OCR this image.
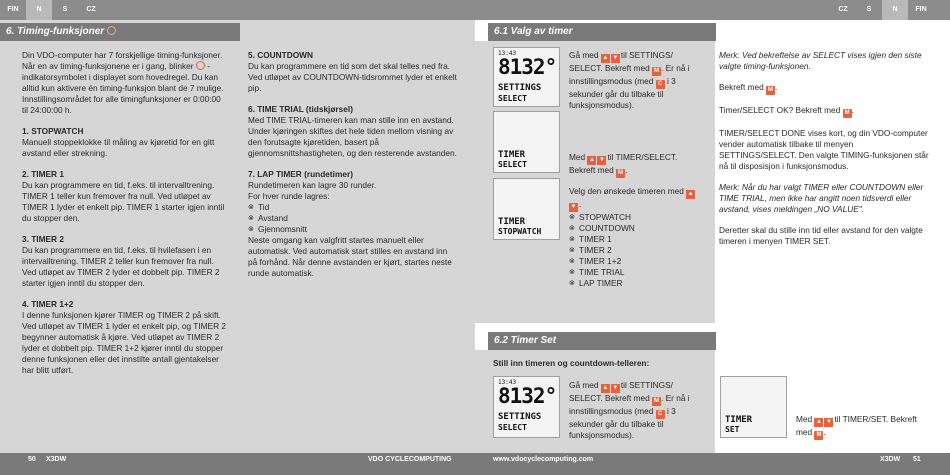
FIN	N	S	CZ
6. Timing-funksjoner

Din VDO-computer har 7 forskjellige timing-funksjoner. Når en av timing-funksjonene er i gang, blinker -indikatorsymbolet i displayet som hovedregel. Du kan alltid kun aktivere én timing-funksjon blant de 7 mulige. Innstillingsområdet for alle timingfunksjoner er 0:00:00 til 24:00:00 h.

1. STOPWATCH

Manuell stoppeklokke til måling av kjøretid for en gitt avstand eller strekning.

2. TIMER 1

Du kan programmere en tid, f.eks. til intervalltrening. TIMER 1 teller kun fremover fra null. Ved utløpet av TIMER 1 lyder et enkelt pip. TIMER 1 starter igjen inntil du stopper den.

3. TIMER 2

Du kan programmere en tid, f.eks. til hvilefasen i en intervalltrening. TIMER 2 teller kun fremover fra null. Ved utløpet av TIMER 2 lyder et dobbelt pip. TIMER 2 starter igjen inntil du stopper den.

4. TIMER 1+2

I denne funksjonen kjører TIMER og TIMER 2 på skift. Ved utløpet av TIMER 1 lyder et enkelt pip, og TIMER 2 begynner automatisk å kjøre. Ved utløpet av TIMER 2 lyder et dobbelt pip. TIMER 1+2 kjører inntil du stopper denne funksjonen eller det innstilte antall gjentakelser har blitt utført.

5. COUNTDOWN

Du kan programmere en tid som det skal telles ned fra. Ved utløpet av COUNTDOWN-tidsrommet lyder et enkelt pip.

6. TIME TRIAL (tidskjørsel)

Med TIME TRIAL-timeren kan man stille inn en avstand. Under kjøringen skiftes det hele tiden mellom visning av den forutsagte kjøretiden, basert på gjennomsnittshastigheten, og den resterende avstanden.

7. LAP TIMER (rundetimer)
Rundetimeren kan lagre 30 runder.
For hver runde lagres:
⊗ Tid
⊗ Avstand
⊗ Gjennomsnitt

Neste omgang kan valgfritt startes manuelt eller automatisk. Ved automatisk start stilles en avstand inn på forhånd. Når denne avstanden er kjørt, startes neste runde automatisk.

50 X3DW	VDO CYCLECOMPUTING
CZ	S	N	FIN
6.1 Valg av timer
13:43
8132°
SETTINGS
SELECT
Gå med ▲ ▼ til SETTINGS/ SELECT. Bekreft med M . Er nå i innstillingsmodus (med C i 3 sekunder går du tilbake til funksjonsmodus).
TIMER
SELECT
Med ▲ ▼ til TIMER/SELECT. Bekreft med M .
TIMER
STOPWATCH
Velg den ønskede timeren med ▲▼ .
⊗ STOPWATCH
⊗ COUNTDOWN
⊗ TIMER 1
⊗ TIMER 2
⊗ TIMER 1+2
⊗ TIME TRIAL
⊗ LAP TIMER

Merk: Ved bekreftelse av SELECT vises igjen den siste valgte timing-funksjonen.

Bekreft med M .

Timer/SELECT OK? Bekreft med M .

TIMER/SELECT DONE vises kort, og din VDO-computer vender automatisk tilbake til menyen SETTINGS/SELECT. Den valgte TIMING-funksjonen står nå til disposisjon i funksjonsmodus.

Merk: Når du har valgt TIMER eller COUNTDOWN eller TIME TRIAL, men ikke har angitt noen tidsverdi eller avstand, vises meldingen „NO VALUE".

Deretter skal du stille inn tid eller avstand for den valgte timeren i menyen TIMER SET.

6.2 Timer Set
Still inn timeren og countdown-telleren:
13:43
8132°
SETTINGS
SELECT
Gå med ▲ ▼ til SETTINGS/ SELECT. Bekreft med M . Er nå i innstillingsmodus (med C i 3 sekunder går du tilbake til funksjonsmodus).
TIMER
SET
Med ▲ ▼ til TIMER/SET. Bekreft med M .
www.vdocyclecomputing.com	X3DW 51
